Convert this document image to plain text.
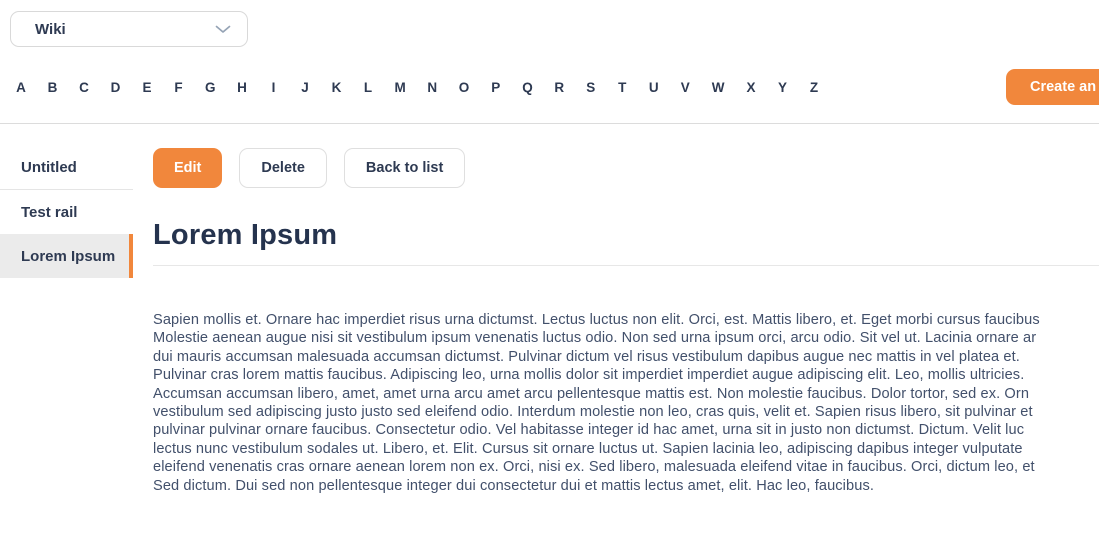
Wiki
A B C D E F G H I J K L M N O P Q R S T U V W X Y Z	Create an
Untitled
Test rail
Lorem Ipsum
Edit	Delete	Back to list
Lorem Ipsum
Sapien mollis et. Ornare hac imperdiet risus urna dictumst. Lectus luctus non elit. Orci, est. Mattis libero, et. Eget morbi cursus faucibus
Molestie aenean augue nisi sit vestibulum ipsum venenatis luctus odio. Non sed urna ipsum orci, arcu odio. Sit vel ut. Lacinia ornare ar
dui mauris accumsan malesuada accumsan dictumst. Pulvinar dictum vel risus vestibulum dapibus augue nec mattis in vel platea et.
Pulvinar cras lorem mattis faucibus. Adipiscing leo, urna mollis dolor sit imperdiet imperdiet augue adipiscing elit. Leo, mollis ultricies.
Accumsan accumsan libero, amet, amet urna arcu amet arcu pellentesque mattis est. Non molestie faucibus. Dolor tortor, sed ex. Orn
vestibulum sed adipiscing justo justo sed eleifend odio. Interdum molestie non leo, cras quis, velit et. Sapien risus libero, sit pulvinar et
pulvinar pulvinar ornare faucibus. Consectetur odio. Vel habitasse integer id hac amet, urna sit in justo non dictumst. Dictum. Velit luc
lectus nunc vestibulum sodales ut. Libero, et. Elit. Cursus sit ornare luctus ut. Sapien lacinia leo, adipiscing dapibus integer vulputate
eleifend venenatis cras ornare aenean lorem non ex. Orci, nisi ex. Sed libero, malesuada eleifend vitae in faucibus. Orci, dictum leo, et
Sed dictum. Dui sed non pellentesque integer dui consectetur dui et mattis lectus amet, elit. Hac leo, faucibus.
